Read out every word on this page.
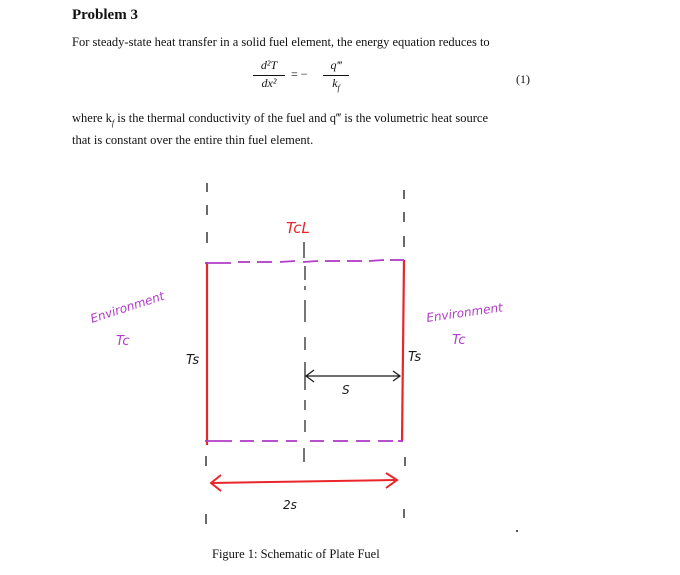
Problem 3
For steady-state heat transfer in a solid fuel element, the energy equation reduces to
d²T
dx²
= −
q‴
$k_f$
(1)
where $k_f$ is the thermal conductivity of the fuel and q‴ is the volumetric heat source
that is constant over the entire thin fuel element.
TcL
Environment
Tc
Environment
Tc
Ts	Ts
S
2s
Figure 1: Schematic of Plate Fuel
